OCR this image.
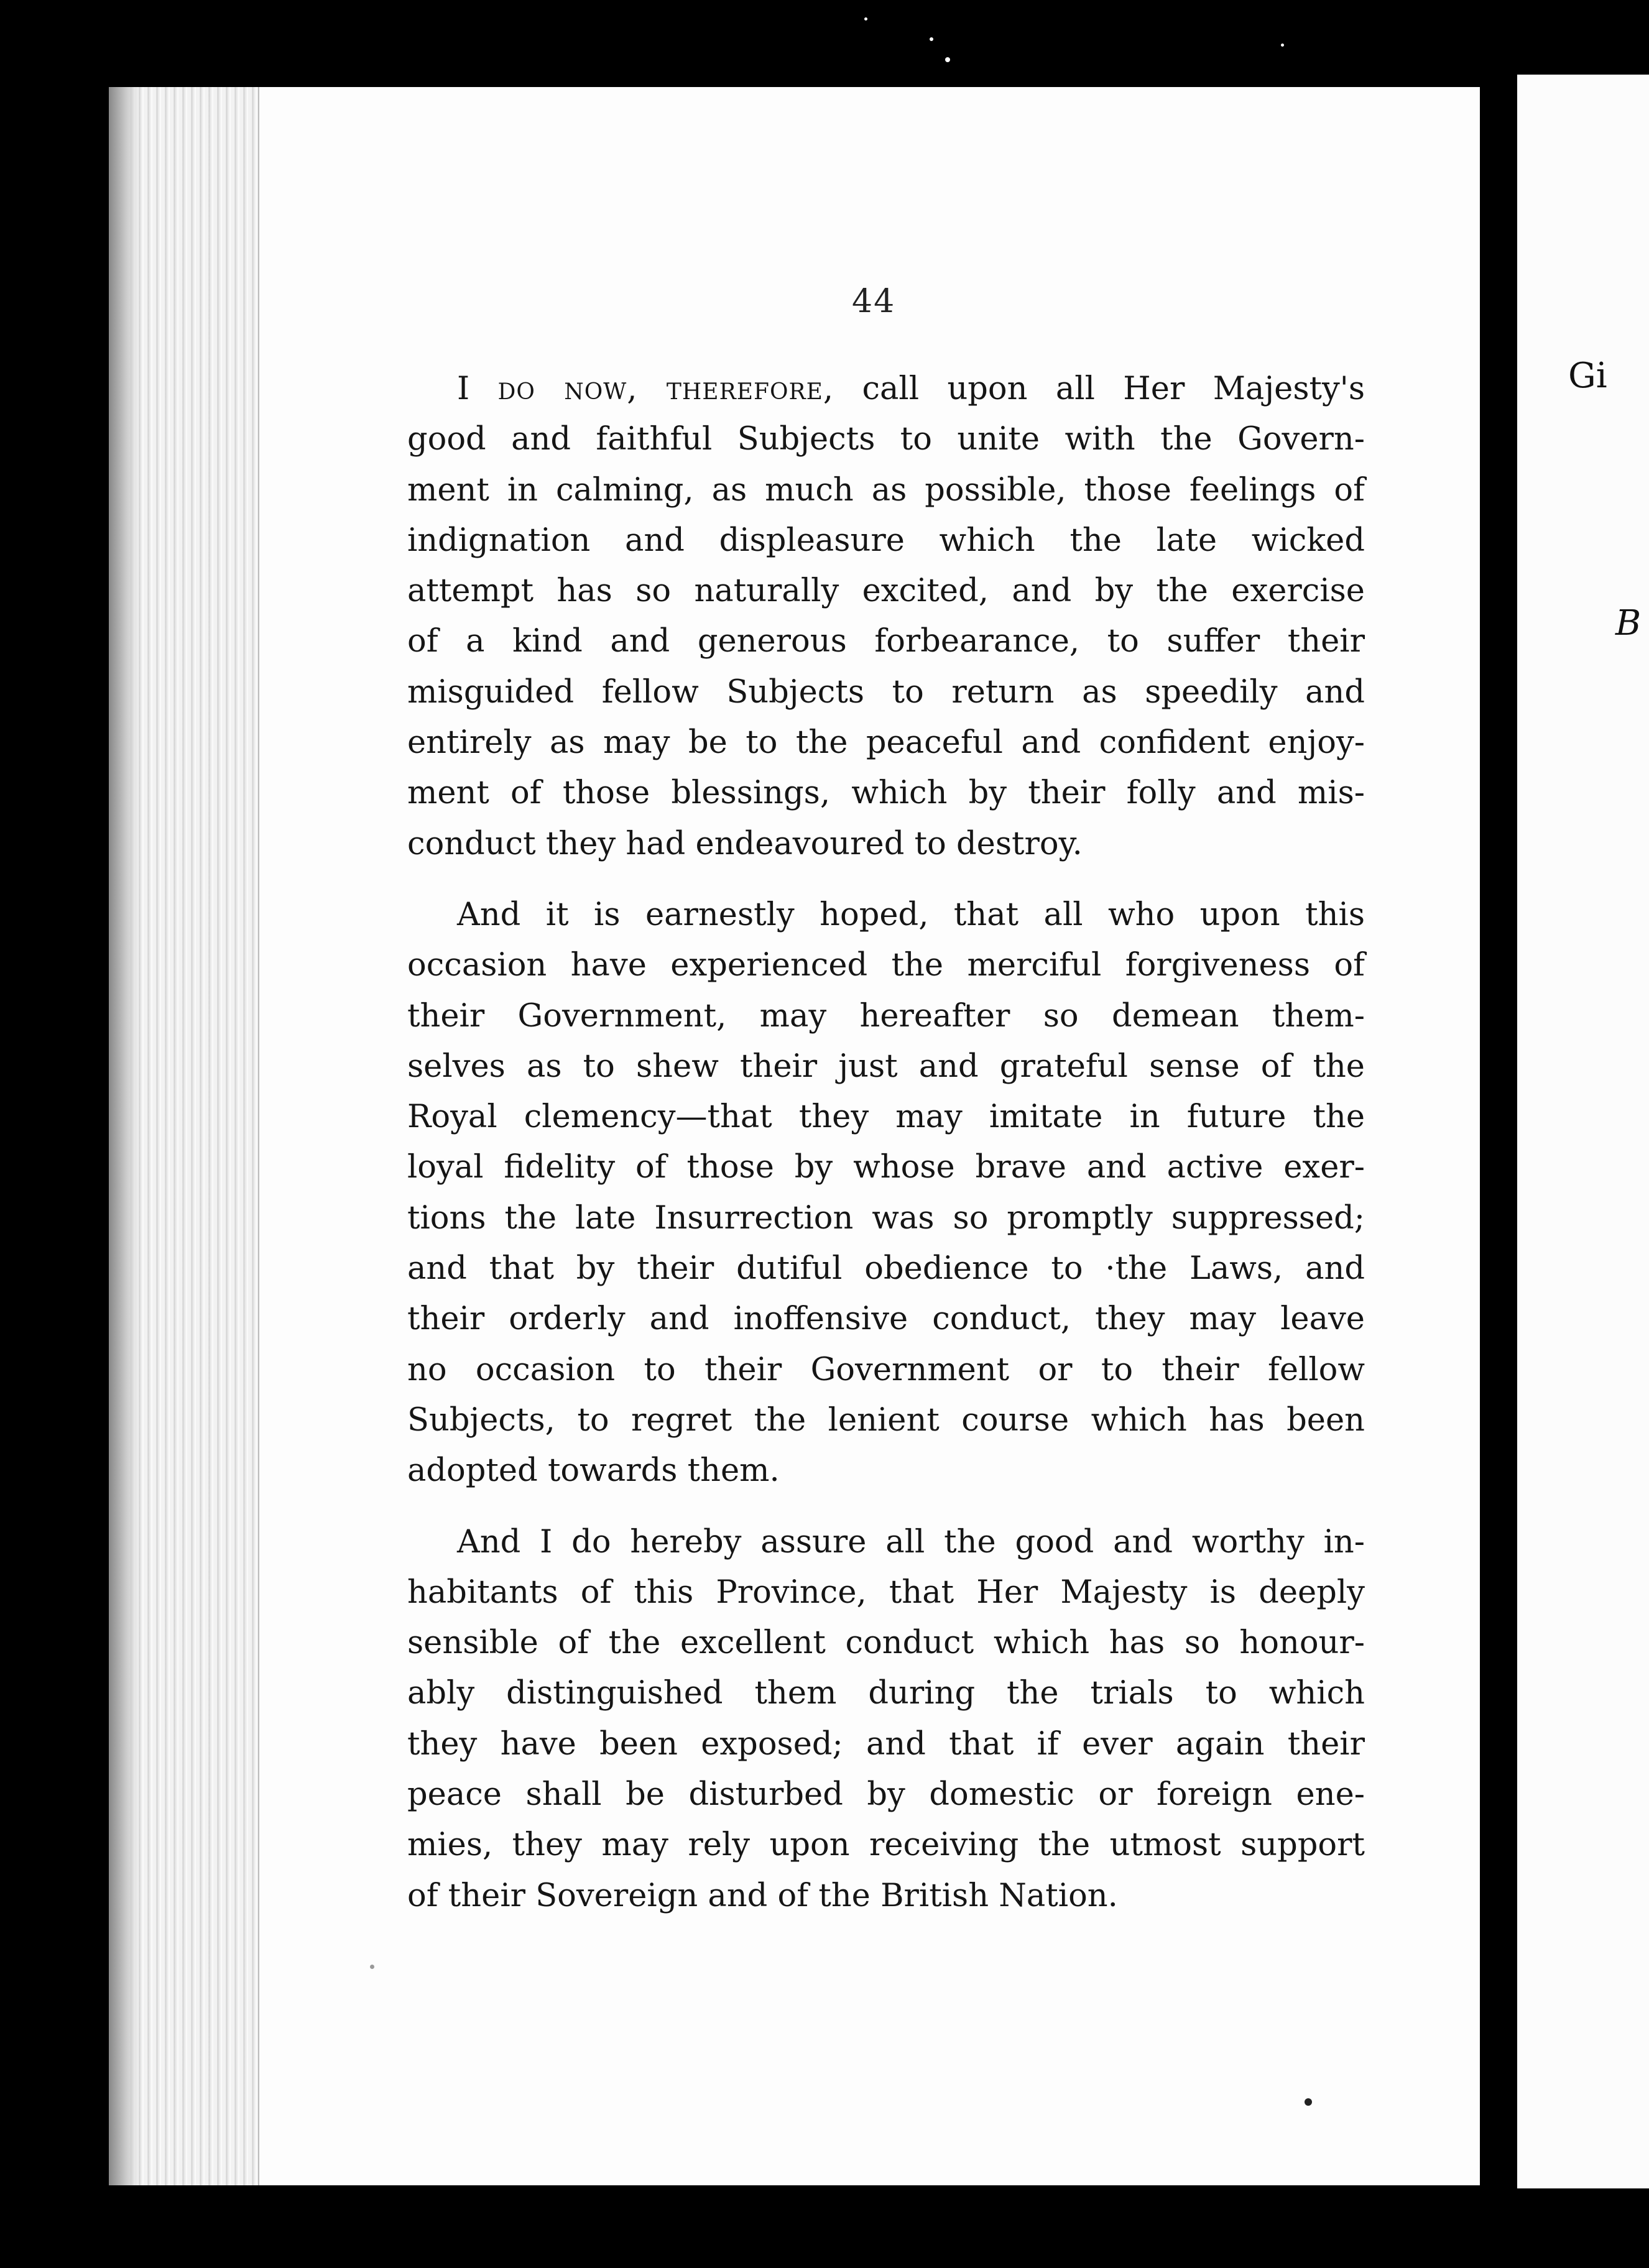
Gi
B
44
I do now, therefore, call upon all Her Majesty's
good and faithful Subjects to unite with the Govern-
ment in calming, as much as possible, those feelings of
indignation and displeasure which the late wicked
attempt has so naturally excited, and by the exercise
of a kind and generous forbearance, to suffer their
misguided fellow Subjects to return as speedily and
entirely as may be to the peaceful and confident enjoy-
ment of those blessings, which by their folly and mis-
conduct they had endeavoured to destroy.
And it is earnestly hoped, that all who upon this
occasion have experienced the merciful forgiveness of
their Government, may hereafter so demean them-
selves as to shew their just and grateful sense of the
Royal clemency—that they may imitate in future the
loyal fidelity of those by whose brave and active exer-
tions the late Insurrection was so promptly suppressed;
and that by their dutiful obedience to ·the Laws, and
their orderly and inoffensive conduct, they may leave
no occasion to their Government or to their fellow
Subjects, to regret the lenient course which has been
adopted towards them.
And I do hereby assure all the good and worthy in-
habitants of this Province, that Her Majesty is deeply
sensible of the excellent conduct which has so honour-
ably distinguished them during the trials to which
they have been exposed; and that if ever again their
peace shall be disturbed by domestic or foreign ene-
mies, they may rely upon receiving the utmost support
of their Sovereign and of the British Nation.
